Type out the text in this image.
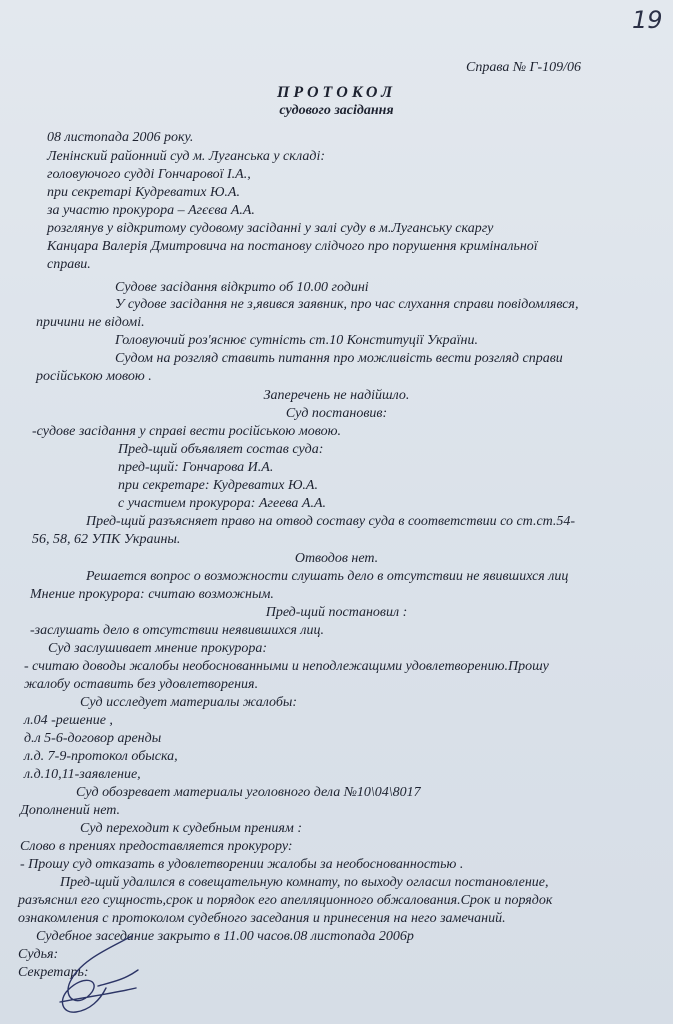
19

Справа № Г-109/06

ПРОТОКОЛ

судового засідання

08 листопада 2006 року.

Ленінский районний суд м. Луганська у складі:

головуючого судді Гончарової І.А.,

при секретарі Кудреватих Ю.А.

за участю прокурора – Агєєва А.А.

розглянув у відкритому судовому засіданні у залі суду в м.Луганську скаргу

Канцара Валерія Дмитровича на постанову слідчого про порушення кримінальної

справи.

Судове засідання відкрито об 10.00 годині

У судове засідання не з,явився заявник, про час слухання справи повідомлявся,

причини не відомі.

Головуючий роз'яснює сутність ст.10 Конституції України.

Судом на розгляд ставить питання про можливість вести розгляд справи

російською мовою .

Заперечень не надійшло.

Суд постановив:

-судове засідання у справі вести російською мовою.

Пред-щий объявляет состав суда:

пред-щий: Гончарова И.А.

при секретаре: Кудреватих Ю.А.

с участием прокурора: Агеева А.А.

Пред-щий разъясняет право на отвод составу суда в соответствии со ст.ст.54-

56, 58, 62 УПК Украины.

Отводов нет.

Решается вопрос о возможности слушать дело в отсутствии не явившихся лиц

Мнение прокурора: считаю возможным.

Пред-щий постановил :

-заслушать дело в отсутствии неявившихся лиц.

Суд заслушивает мнение прокурора:

- считаю доводы жалобы необоснованными и неподлежащими удовлетворению.Прошу

жалобу оставить без удовлетворения.

Суд исследует материалы жалобы:

л.04 -решение ,

д.л 5-6-договор аренды

л.д. 7-9-протокол обыска,

л.д.10,11-заявление,

Суд обозревает материалы уголовного дела №10\04\8017

Дополнений нет.

Суд переходит к судебным прениям :

Слово в прениях предоставляется прокурору:

- Прошу суд отказать в удовлетворении жалобы за необоснованностью .

Пред-щий удалился в совещательную комнату, по выходу огласил постановление,

разъяснил его сущность,срок и порядок его апелляционного обжалования.Срок и порядок

ознакомления с протоколом судебного заседания и принесения на него замечаний.

Судебное заседание закрыто в 11.00 часов.08 листопада 2006р

Судья:

Секретарь:
